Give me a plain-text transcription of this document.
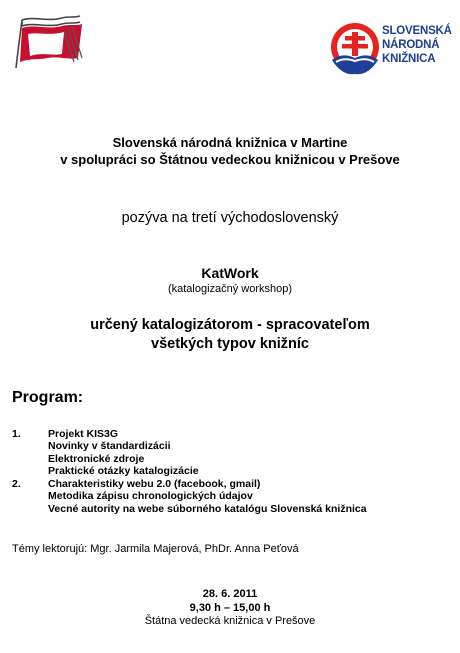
SLOVENSKÁ
NÁRODNÁ
KNIŽNICA
Slovenská národná knižnica v Martine
v spolupráci so Štátnou vedeckou knižnicou v Prešove
pozýva na tretí východoslovenský
KatWork
(katalogizačný workshop)
určený katalogizátorom - spracovateľom
všetkých typov knižníc
Program:
1.	Projekt KIS3G
Novinky v štandardizácii
Elektronické zdroje
Praktické otázky katalogizácie
2.	Charakteristiky webu 2.0 (facebook, gmail)
Metodika zápisu chronologických údajov
Vecné autority na webe súborného katalógu Slovenská knižnica
Témy lektorujú: Mgr. Jarmila Majerová, PhDr. Anna Peťová
28. 6. 2011
9,30 h – 15,00 h
Štátna vedecká knižnica v Prešove
